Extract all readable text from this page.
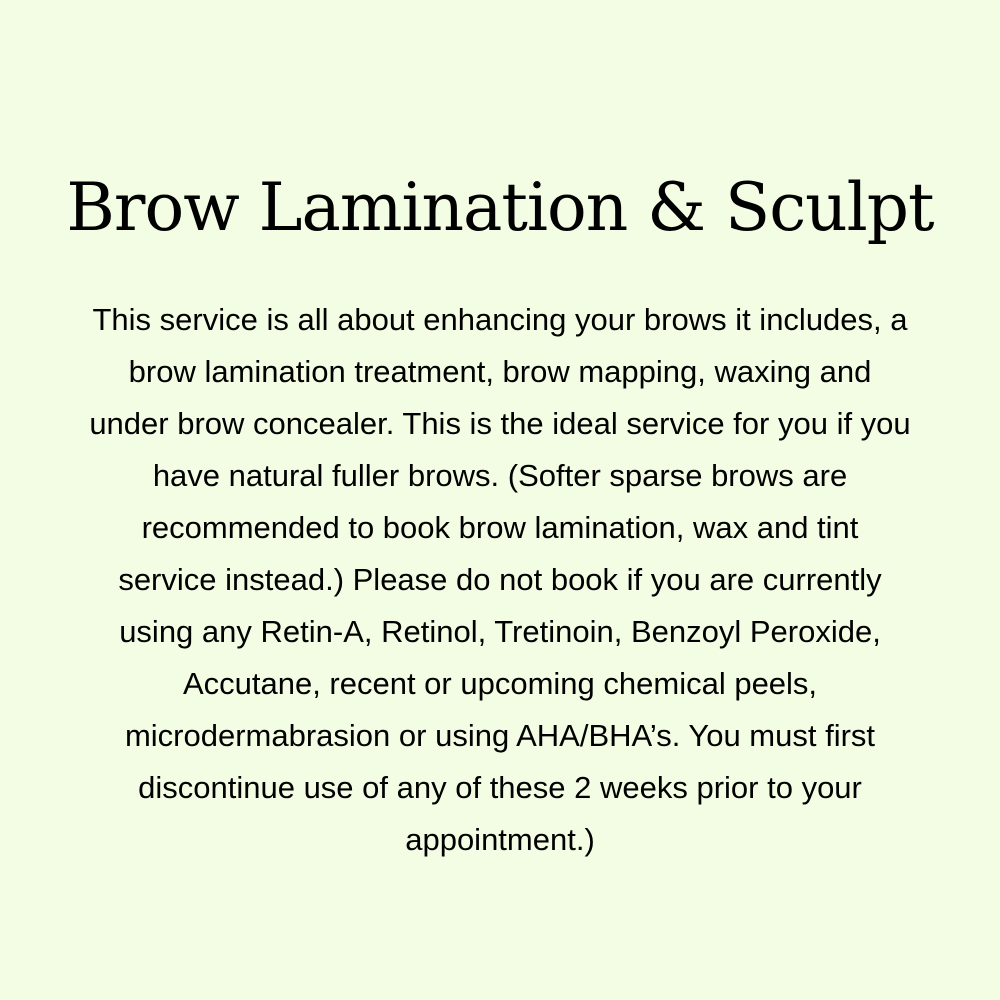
Brow Lamination & Sculpt

This service is all about enhancing your brows it includes, a
brow lamination treatment, brow mapping, waxing and
under brow concealer. This is the ideal service for you if you
have natural fuller brows. (Softer sparse brows are
recommended to book brow lamination, wax and tint
service instead.) Please do not book if you are currently
using any Retin-A, Retinol, Tretinoin, Benzoyl Peroxide,
Accutane, recent or upcoming chemical peels,
microdermabrasion or using AHA/BHA’s. You must first
discontinue use of any of these 2 weeks prior to your
appointment.)
